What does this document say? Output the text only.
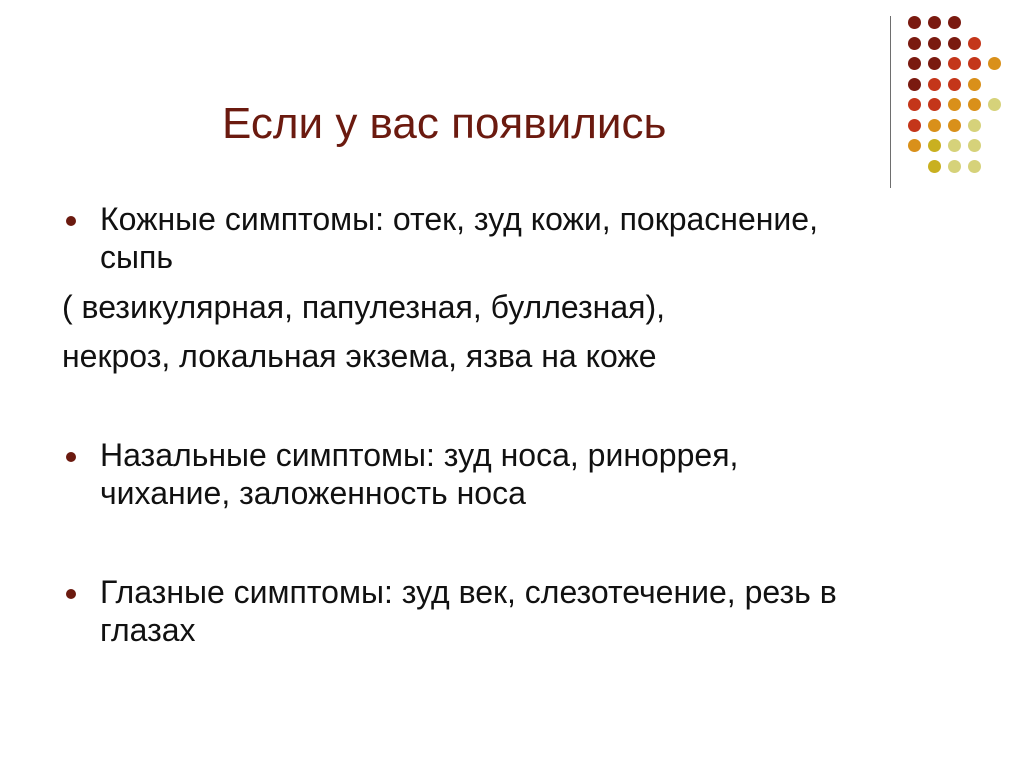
Если у вас появились
Кожные симптомы: отек, зуд кожи, покраснение,
сыпь
( везикулярная, папулезная, буллезная),
некроз, локальная экзема, язва на коже
Назальные симптомы: зуд носа, риноррея,
чихание, заложенность носа
Глазные симптомы: зуд век, слезотечение, резь в
глазах
